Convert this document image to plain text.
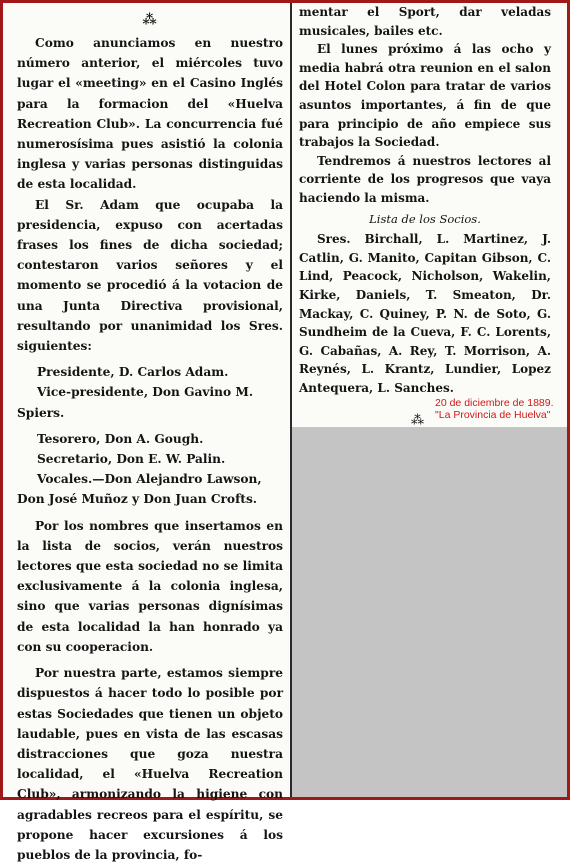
⁂

Como anunciamos en nuestro número anterior, el miércoles tuvo lugar el «meeting» en el Casino Inglés para la formacion del «Huelva Recreation Club». La concurrencia fué numerosísima pues asistió la colonia inglesa y varias personas distinguidas de esta localidad.

El Sr. Adam que ocupaba la presidencia, expuso con acertadas frases los fines de dicha sociedad; contestaron varios señores y el momento se procedió á la votacion de una Junta Directiva provisional, resultando por unanimidad los Sres. siguientes:

Presidente, D. Carlos Adam.

Vice-presidente, Don Gavino M. Spiers.

Tesorero, Don A. Gough.

Secretario, Don E. W. Palin.

Vocales.—Don Alejandro Lawson, Don José Muñoz y Don Juan Crofts.

Por los nombres que insertamos en la lista de socios, verán nuestros lectores que esta sociedad no se limita exclusivamente á la colonia inglesa, sino que varias personas dignísimas de esta localidad la han honrado ya con su cooperacion.

Por nuestra parte, estamos siempre dispuestos á hacer todo lo posible por estas Sociedades que tienen un objeto laudable, pues en vista de las escasas distracciones que goza nuestra localidad, el «Huelva Recreation Club», armonizando la higiene con agradables recreos para el espíritu, se propone hacer excursiones á los pueblos de la provincia, fo-

mentar el Sport, dar veladas musicales, bailes etc.

El lunes próximo á las ocho y media habrá otra reunion en el salon del Hotel Colon para tratar de varios asuntos importantes, á fin de que para principio de año empiece sus trabajos la Sociedad.

Tendremos á nuestros lectores al corriente de los progresos que vaya haciendo la misma.

Lista de los Socios.

Sres. Birchall, L. Martinez, J. Catlin, G. Manito, Capitan Gibson, C. Lind, Peacock, Nicholson, Wakelin, Kirke, Daniels, T. Smeaton, Dr. Mackay, C. Quiney, P. N. de Soto, G. Sundheim de la Cueva, F. C. Lorents, G. Cabañas, A. Rey, T. Morrison, A. Reynés, L. Krantz, Lundier, Lopez Antequera, L. Sanches.

⁂
20 de diciembre de 1889.
"La Provincia de Huelva"
